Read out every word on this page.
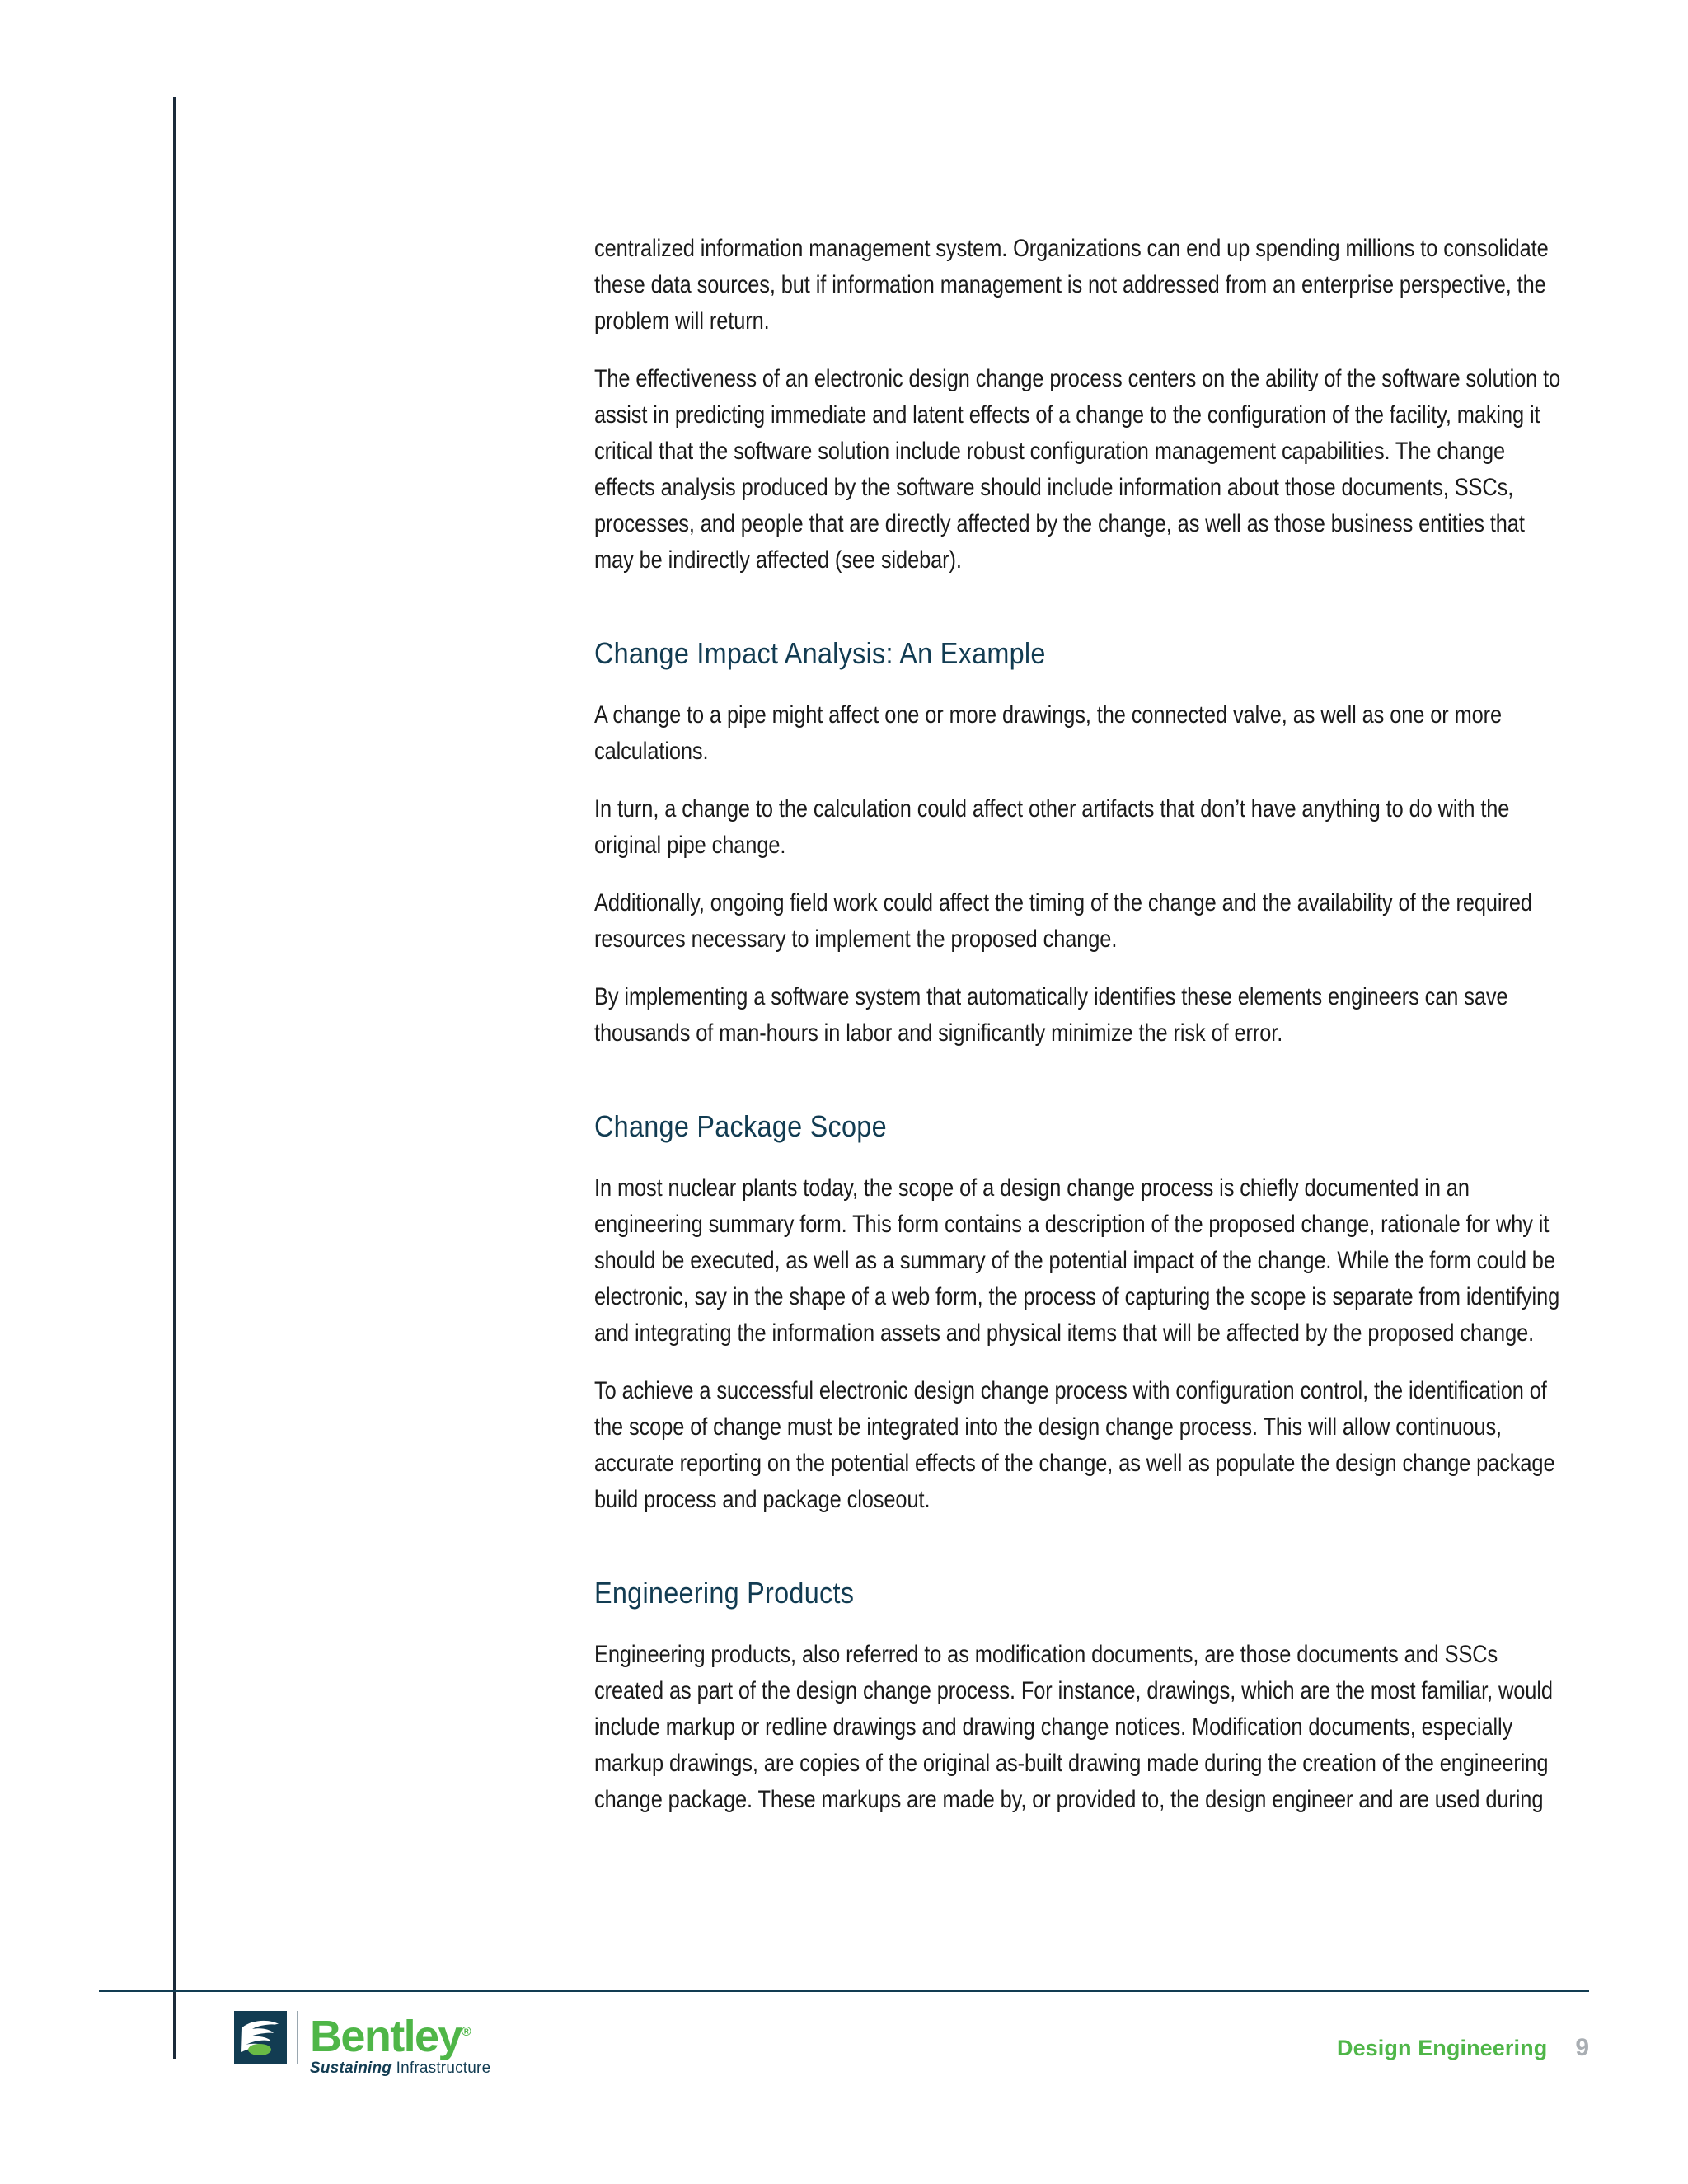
centralized information management system. Organizations can end up spending millions to consolidate these data sources, but if information management is not addressed from an enterprise perspective, the problem will return.

The effectiveness of an electronic design change process centers on the ability of the software solution to assist in predicting immediate and latent effects of a change to the configuration of the facility, making it critical that the software solution include robust configuration management capabilities. The change effects analysis produced by the software should include information about those documents, SSCs, processes, and people that are directly affected by the change, as well as those business entities that may be indirectly affected (see sidebar).

Change Impact Analysis: An Example

A change to a pipe might affect one or more drawings, the connected valve, as well as one or more calculations.

In turn, a change to the calculation could affect other artifacts that don’t have anything to do with the original pipe change.

Additionally, ongoing field work could affect the timing of the change and the availability of the required resources necessary to implement the proposed change.

By implementing a software system that automatically identifies these elements engineers can save thousands of man-hours in labor and significantly minimize the risk of error.

Change Package Scope

In most nuclear plants today, the scope of a design change process is chiefly documented in an engineering summary form. This form contains a description of the proposed change, rationale for why it should be executed, as well as a summary of the potential impact of the change. While the form could be electronic, say in the shape of a web form, the process of capturing the scope is separate from identifying and integrating the information assets and physical items that will be affected by the proposed change.

To achieve a successful electronic design change process with configuration control, the identification of the scope of change must be integrated into the design change process. This will allow continuous, accurate reporting on the potential effects of the change, as well as populate the design change package build process and package closeout.

Engineering Products

Engineering products, also referred to as modification documents, are those documents and SSCs created as part of the design change process. For instance, drawings, which are the most familiar, would include markup or redline drawings and drawing change notices. Modification documents, especially markup drawings, are copies of the original as-built drawing made during the creation of the engineering change package. These markups are made by, or provided to, the design engineer and are used during

Bentley®
Sustaining Infrastructure
Design Engineering 9
